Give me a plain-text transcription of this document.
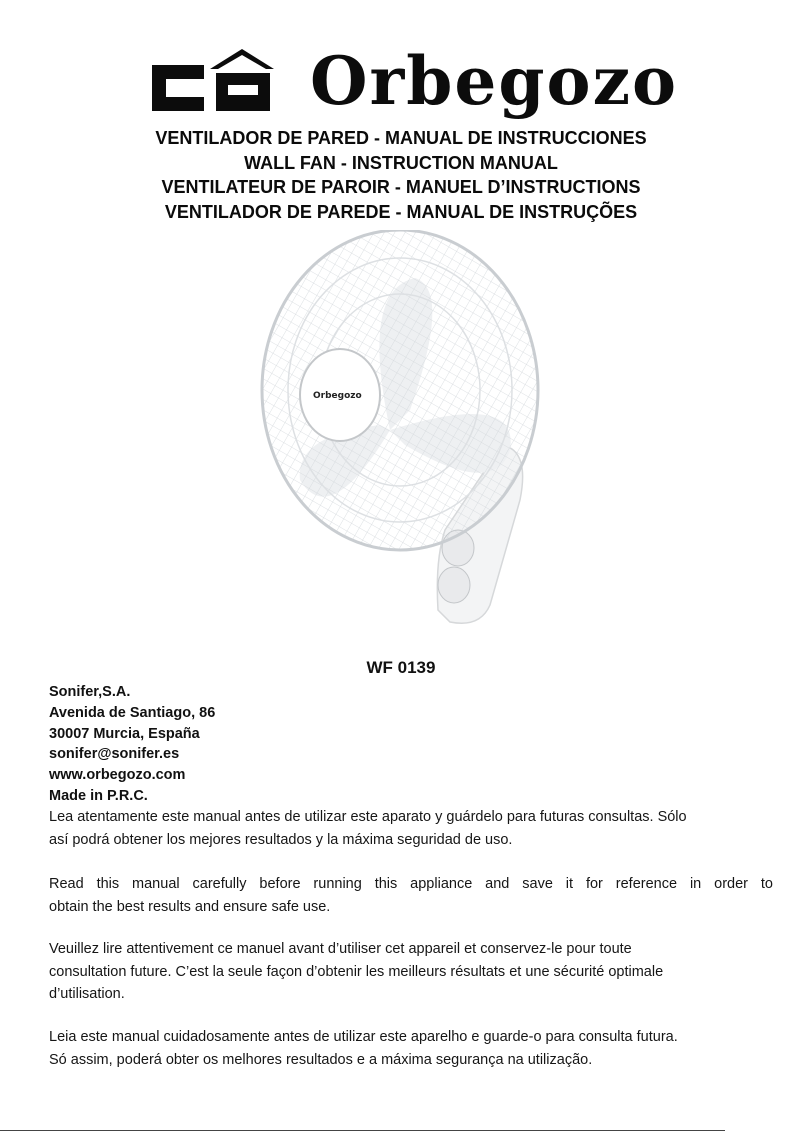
Orbegozo
VENTILADOR DE PARED - MANUAL DE INSTRUCCIONES
WALL FAN - INSTRUCTION MANUAL
VENTILATEUR DE PAROIR - MANUEL D’INSTRUCTIONS
VENTILADOR DE PAREDE - MANUAL DE INSTRUÇÕES
Orbegozo
WF 0139
Sonifer,S.A.
Avenida de Santiago, 86
30007 Murcia, España
sonifer@sonifer.es
www.orbegozo.com
Made in P.R.C.
Lea atentamente este manual antes de utilizar este aparato y guárdelo para futuras consultas. Sólo
así podrá obtener los mejores resultados y la máxima seguridad de uso.
Read this manual carefully before running this appliance and save it for reference in order to
obtain the best results and ensure safe use.
Veuillez lire attentivement ce manuel avant d’utiliser cet appareil et conservez-le pour toute
consultation future. C’est la seule façon d’obtenir les meilleurs résultats et une sécurité optimale
d’utilisation.
Leia este manual cuidadosamente antes de utilizar este aparelho e guarde-o para consulta futura.
Só assim, poderá obter os melhores resultados e a máxima segurança na utilização.
